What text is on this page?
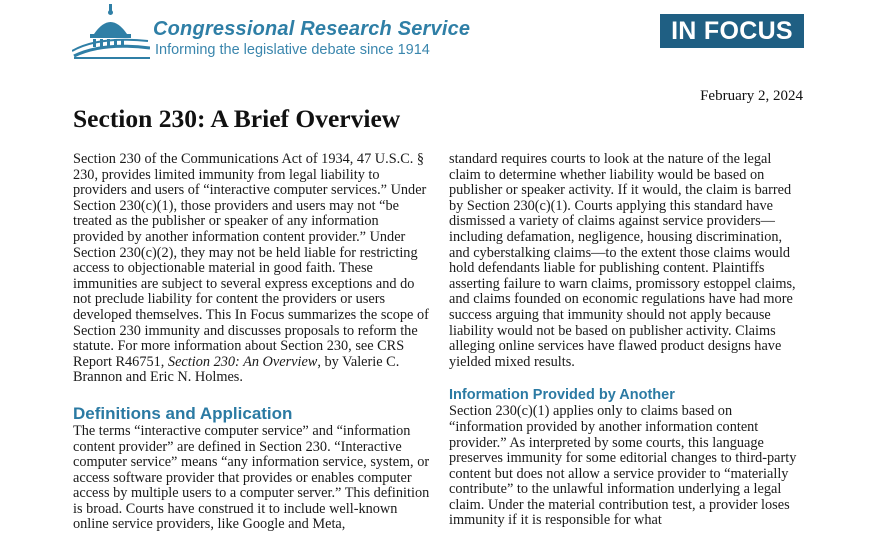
Congressional Research Service
Informing the legislative debate since 1914
IN FOCUS
February 2, 2024
Section 230: A Brief Overview

Section 230 of the Communications Act of 1934, 47 U.S.C. § 230, provides limited immunity from legal liability to providers and users of “interactive computer services.” Under Section 230(c)(1), those providers and users may not “be treated as the publisher or speaker of any information provided by another information content provider.” Under Section 230(c)(2), they may not be held liable for restricting access to objectionable material in good faith. These immunities are subject to several express exceptions and do not preclude liability for content the providers or users developed themselves. This In Focus summarizes the scope of Section 230 immunity and discusses proposals to reform the statute. For more information about Section 230, see CRS Report R46751, Section 230: An Overview, by Valerie C. Brannon and Eric N. Holmes.

Definitions and Application

The terms “interactive computer service” and “information content provider” are defined in Section 230. “Interactive computer service” means “any information service, system, or access software provider that provides or enables computer access by multiple users to a computer server.” This definition is broad. Courts have construed it to include well-known online service providers, like Google and Meta,

standard requires courts to look at the nature of the legal claim to determine whether liability would be based on publisher or speaker activity. If it would, the claim is barred by Section 230(c)(1). Courts applying this standard have dismissed a variety of claims against service providers—including defamation, negligence, housing discrimination, and cyberstalking claims—to the extent those claims would hold defendants liable for publishing content. Plaintiffs asserting failure to warn claims, promissory estoppel claims, and claims founded on economic regulations have had more success arguing that immunity should not apply because liability would not be based on publisher activity. Claims alleging online services have flawed product designs have yielded mixed results.

Information Provided by Another

Section 230(c)(1) applies only to claims based on “information provided by another information content provider.” As interpreted by some courts, this language preserves immunity for some editorial changes to third-party content but does not allow a service provider to “materially contribute” to the unlawful information underlying a legal claim. Under the material contribution test, a provider loses immunity if it is responsible for what
